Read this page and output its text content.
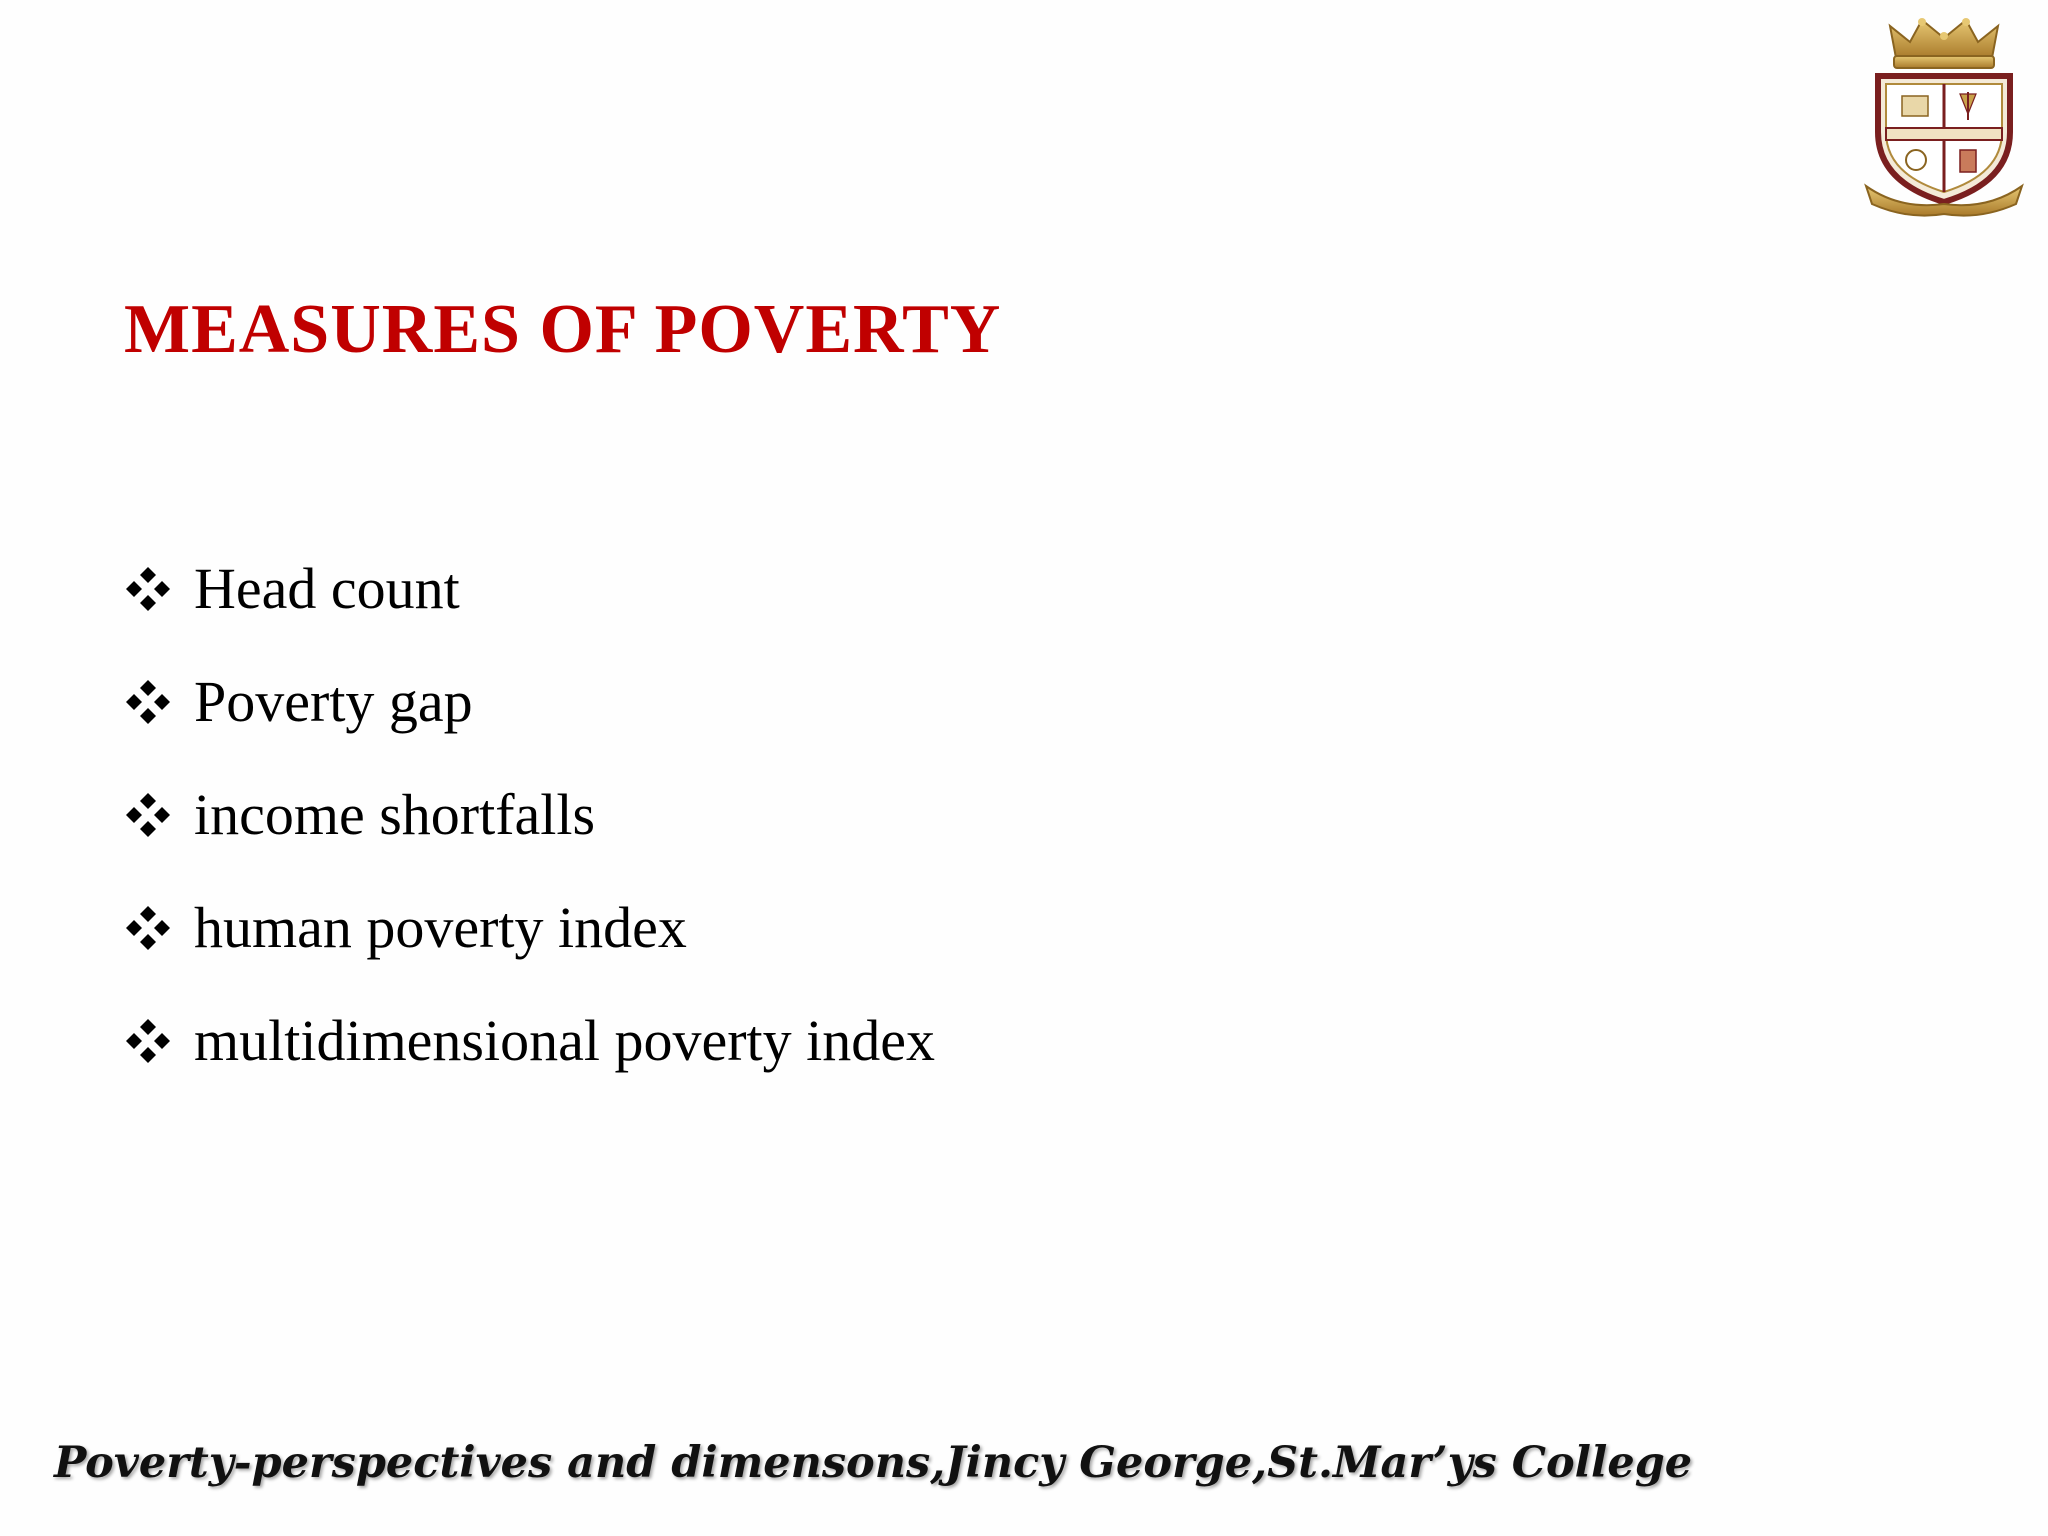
MEASURES OF POVERTY
Head count
Poverty gap
income shortfalls
human poverty index
multidimensional poverty index

Poverty-perspectives and dimensons,Jincy George,St.Mar’ys College
